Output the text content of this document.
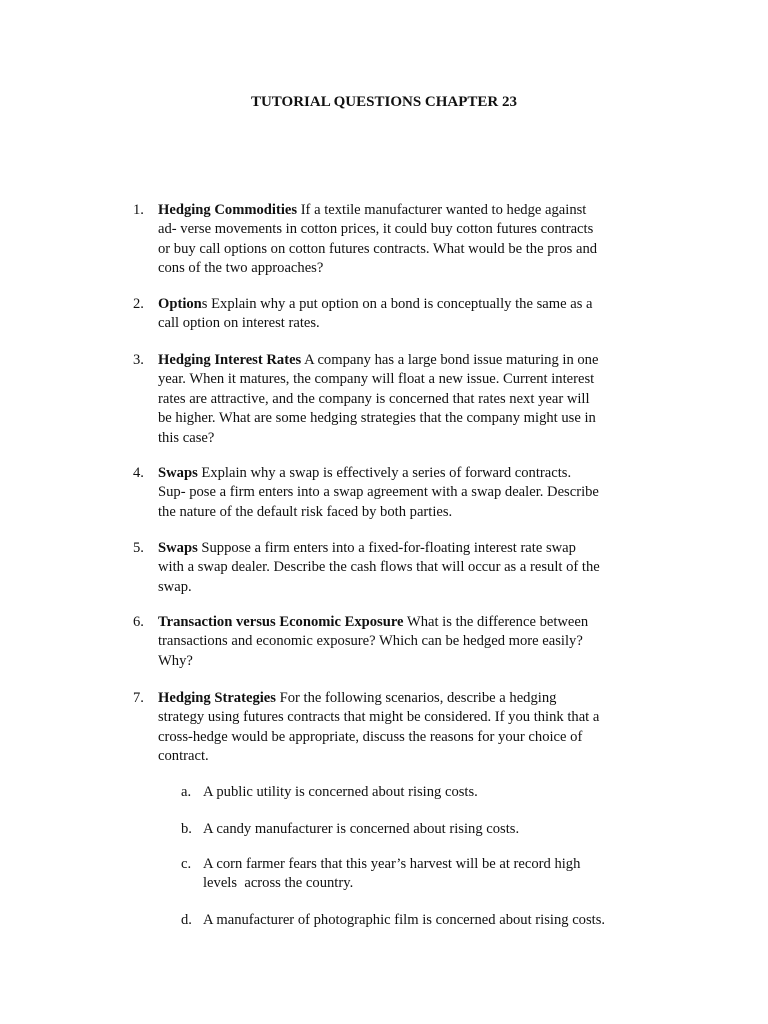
TUTORIAL QUESTIONS CHAPTER 23
1. Hedging Commodities If a textile manufacturer wanted to hedge against
ad- verse movements in cotton prices, it could buy cotton futures contracts
or buy call options on cotton futures contracts. What would be the pros and
cons of the two approaches?
2. Options Explain why a put option on a bond is conceptually the same as a
call option on interest rates.
3. Hedging Interest Rates A company has a large bond issue maturing in one
year. When it matures, the company will float a new issue. Current interest
rates are attractive, and the company is concerned that rates next year will
be higher. What are some hedging strategies that the company might use in
this case?
4. Swaps Explain why a swap is effectively a series of forward contracts.
Sup- pose a firm enters into a swap agreement with a swap dealer. Describe
the nature of the default risk faced by both parties.
5. Swaps Suppose a firm enters into a fixed-for-floating interest rate swap
with a swap dealer. Describe the cash flows that will occur as a result of the
swap.
6. Transaction versus Economic Exposure What is the difference between
transactions and economic exposure? Which can be hedged more easily?
Why?
7. Hedging Strategies For the following scenarios, describe a hedging
strategy using futures contracts that might be considered. If you think that a
cross-hedge would be appropriate, discuss the reasons for your choice of
contract.
a. A public utility is concerned about rising costs.
b. A candy manufacturer is concerned about rising costs.
c. A corn farmer fears that this year’s harvest will be at record high
levels  across the country.
d. A manufacturer of photographic film is concerned about rising costs.
